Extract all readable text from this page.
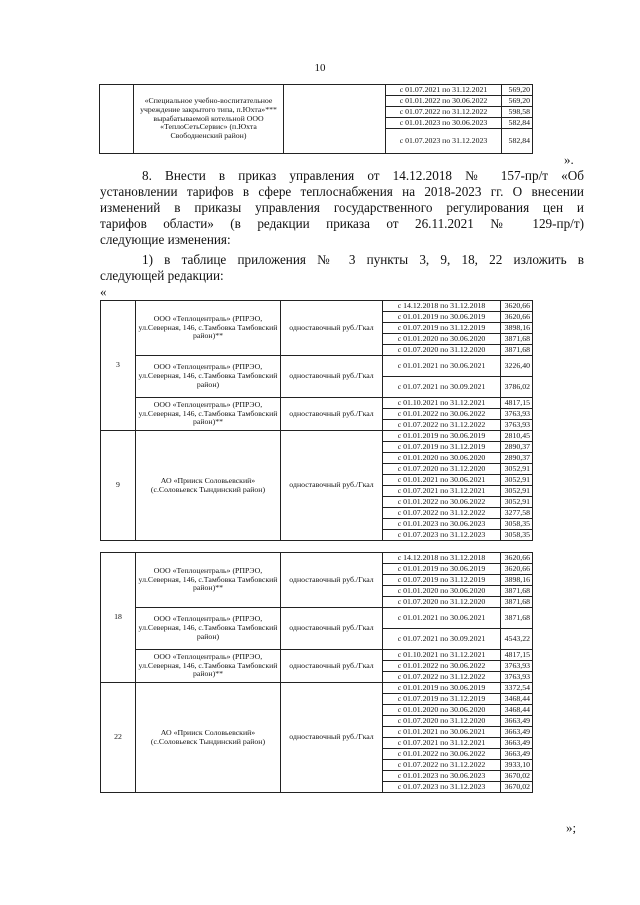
10
	«Специальное учебно-воспитательное учреждение закрытого типа, п.Юхта»*** вырабатываемой котельной ООО «ТеплоСетьСервис» (п.Юхта Свободненский район)		с 01.07.2021 по 31.12.2021	569,20
			с 01.01.2022 по 30.06.2022	569,20
			с 01.07.2022 по 31.12.2022	598,58
			с 01.01.2023 по 30.06.2023	582,84
			с 01.07.2023 по 31.12.2023	582,84
».
8. Внести в приказ управления от 14.12.2018 № 157-пр/т «Об
установлении тарифов в сфере теплоснабжения на 2018-2023 гг. О внесении
изменений в приказы управления государственного регулирования цен и
тарифов области» (в редакции приказа от 26.11.2021 № 129-пр/т)
следующие изменения:
1) в таблице приложения № 3 пункты 3, 9, 18, 22 изложить в
следующей редакции:
«
3	ООО «Теплоцентраль» (РПРЭО, ул.Северная, 146, с.Тамбовка Тамбовский район)**	одноставочный руб./Гкал	с 14.12.2018 по 31.12.2018	3620,66
			с 01.01.2019 по 30.06.2019	3620,66
			с 01.07.2019 по 31.12.2019	3898,16
			с 01.01.2020 по 30.06.2020	3871,68
			с 01.07.2020 по 31.12.2020	3871,68
	ООО «Теплоцентраль» (РПРЭО, ул.Северная, 146, с.Тамбовка Тамбовский район)	одноставочный руб./Гкал	с 01.01.2021 по 30.06.2021	3226,40
			с 01.07.2021 по 30.09.2021	3786,02
	ООО «Теплоцентраль» (РПРЭО, ул.Северная, 146, с.Тамбовка Тамбовский район)**	одноставочный руб./Гкал	с 01.10.2021 по 31.12.2021	4817,15
			с 01.01.2022 по 30.06.2022	3763,93
			с 01.07.2022 по 31.12.2022	3763,93
9	АО «Прииск Соловьевский» (с.Соловьевск Тындинский район)	одноставочный руб./Гкал	с 01.01.2019 по 30.06.2019	2810,45
			с 01.07.2019 по 31.12.2019	2890,37
			с 01.01.2020 по 30.06.2020	2890,37
			с 01.07.2020 по 31.12.2020	3052,91
			с 01.01.2021 по 30.06.2021	3052,91
			с 01.07.2021 по 31.12.2021	3052,91
			с 01.01.2022 по 30.06.2022	3052,91
			с 01.07.2022 по 31.12.2022	3277,58
			с 01.01.2023 по 30.06.2023	3058,35
			с 01.07.2023 по 31.12.2023	3058,35
18	ООО «Теплоцентраль» (РПРЭО, ул.Северная, 146, с.Тамбовка Тамбовский район)**	одноставочный руб./Гкал	с 14.12.2018 по 31.12.2018	3620,66
			с 01.01.2019 по 30.06.2019	3620,66
			с 01.07.2019 по 31.12.2019	3898,16
			с 01.01.2020 по 30.06.2020	3871,68
			с 01.07.2020 по 31.12.2020	3871,68
	ООО «Теплоцентраль» (РПРЭО, ул.Северная, 146, с.Тамбовка Тамбовский район)	одноставочный руб./Гкал	с 01.01.2021 по 30.06.2021	3871,68
			с 01.07.2021 по 30.09.2021	4543,22
	ООО «Теплоцентраль» (РПРЭО, ул.Северная, 146, с.Тамбовка Тамбовский район)**	одноставочный руб./Гкал	с 01.10.2021 по 31.12.2021	4817,15
			с 01.01.2022 по 30.06.2022	3763,93
			с 01.07.2022 по 31.12.2022	3763,93
22	АО «Прииск Соловьевский» (с.Соловьевск Тындинский район)	одноставочный руб./Гкал	с 01.01.2019 по 30.06.2019	3372,54
			с 01.07.2019 по 31.12.2019	3468,44
			с 01.01.2020 по 30.06.2020	3468,44
			с 01.07.2020 по 31.12.2020	3663,49
			с 01.01.2021 по 30.06.2021	3663,49
			с 01.07.2021 по 31.12.2021	3663,49
			с 01.01.2022 по 30.06.2022	3663,49
			с 01.07.2022 по 31.12.2022	3933,10
			с 01.01.2023 по 30.06.2023	3670,02
			с 01.07.2023 по 31.12.2023	3670,02
»;
